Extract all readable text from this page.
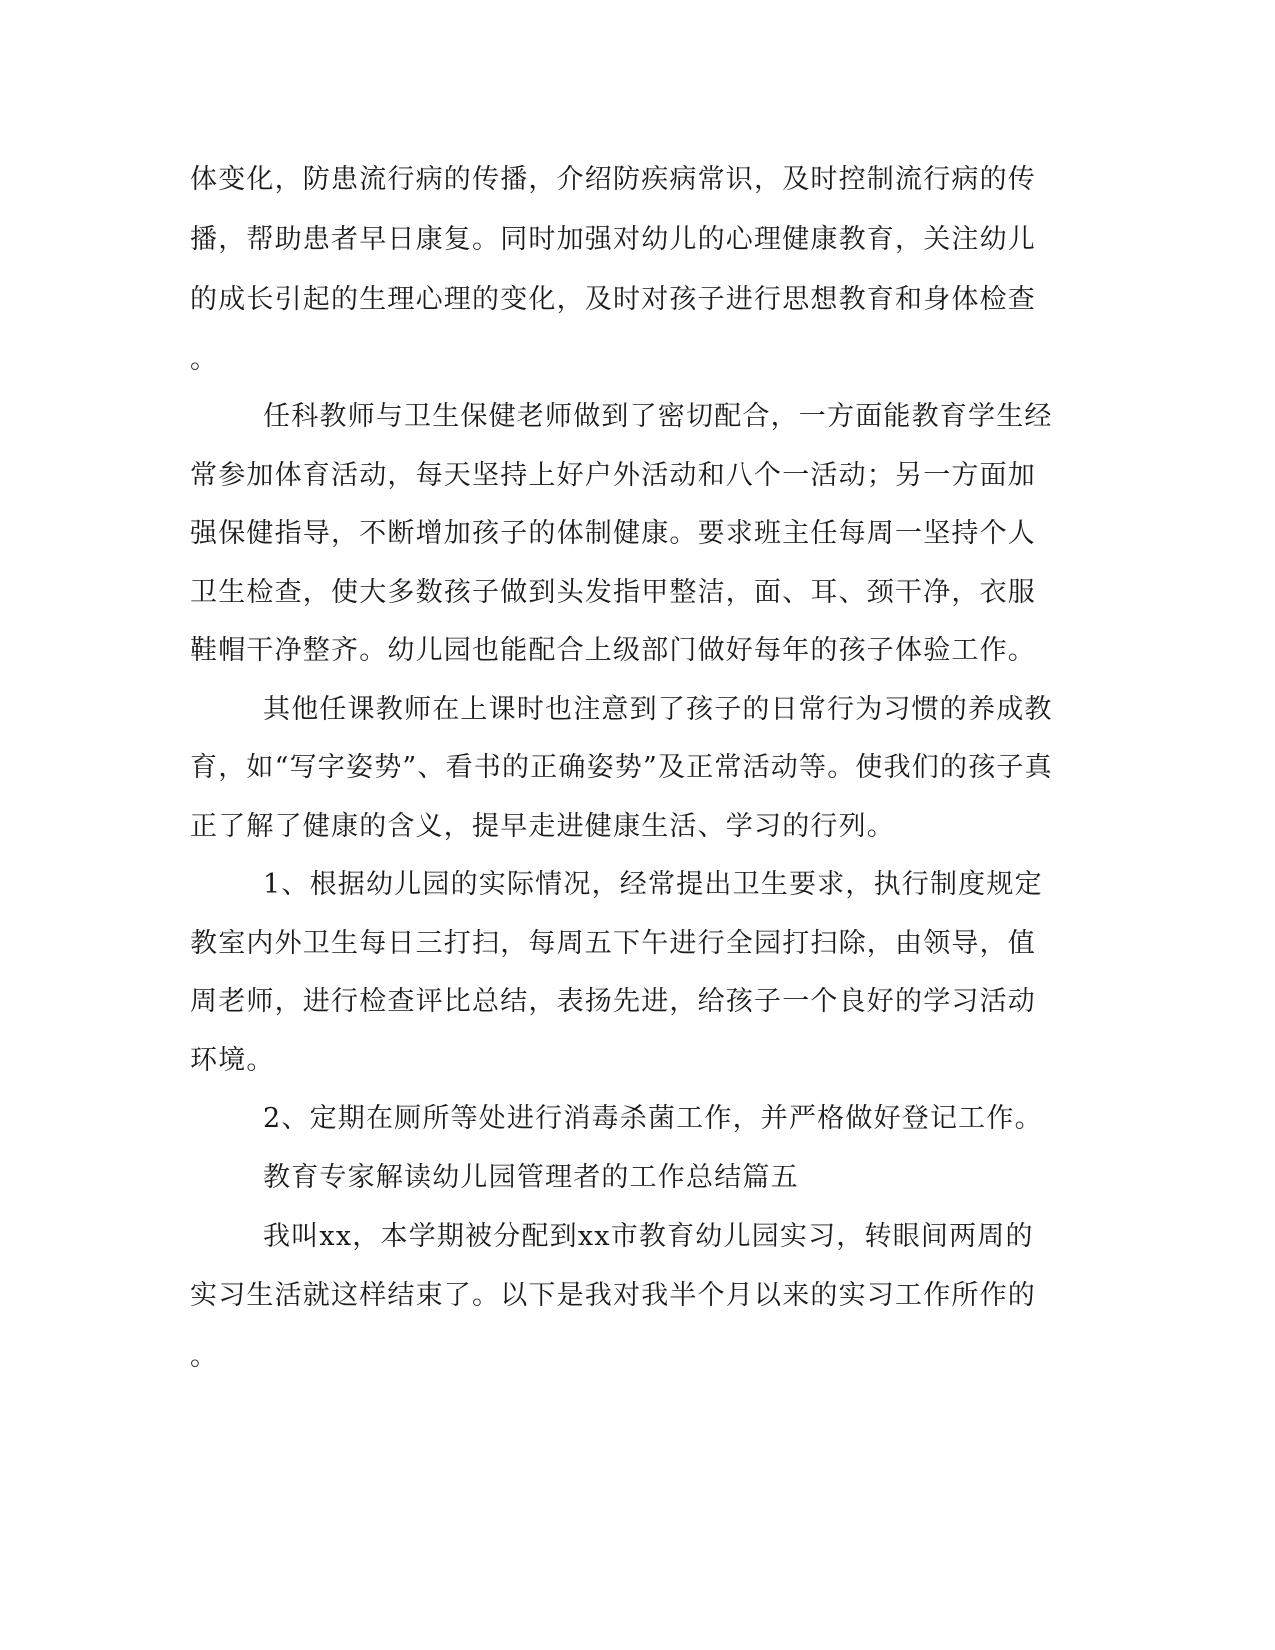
体变化，防患流行病的传播，介绍防疾病常识，及时控制流行病的传

播，帮助患者早日康复。同时加强对幼儿的心理健康教育，关注幼儿

的成长引起的生理心理的变化，及时对孩子进行思想教育和身体检查

。

任科教师与卫生保健老师做到了密切配合，一方面能教育学生经

常参加体育活动，每天坚持上好户外活动和八个一活动；另一方面加

强保健指导，不断增加孩子的体制健康。要求班主任每周一坚持个人

卫生检查，使大多数孩子做到头发指甲整洁，面、耳、颈干净，衣服

鞋帽干净整齐。幼儿园也能配合上级部门做好每年的孩子体验工作。

其他任课教师在上课时也注意到了孩子的日常行为习惯的养成教

育，如“写字姿势”、看书的正确姿势”及正常活动等。使我们的孩子真

正了解了健康的含义，提早走进健康生活、学习的行列。

1、根据幼儿园的实际情况，经常提出卫生要求，执行制度规定

教室内外卫生每日三打扫，每周五下午进行全园打扫除，由领导，值

周老师，进行检查评比总结，表扬先进，给孩子一个良好的学习活动

环境。

2、定期在厕所等处进行消毒杀菌工作，并严格做好登记工作。

教育专家解读幼儿园管理者的工作总结篇五

我叫xx，本学期被分配到xx市教育幼儿园实习，转眼间两周的

实习生活就这样结束了。以下是我对我半个月以来的实习工作所作的

。
